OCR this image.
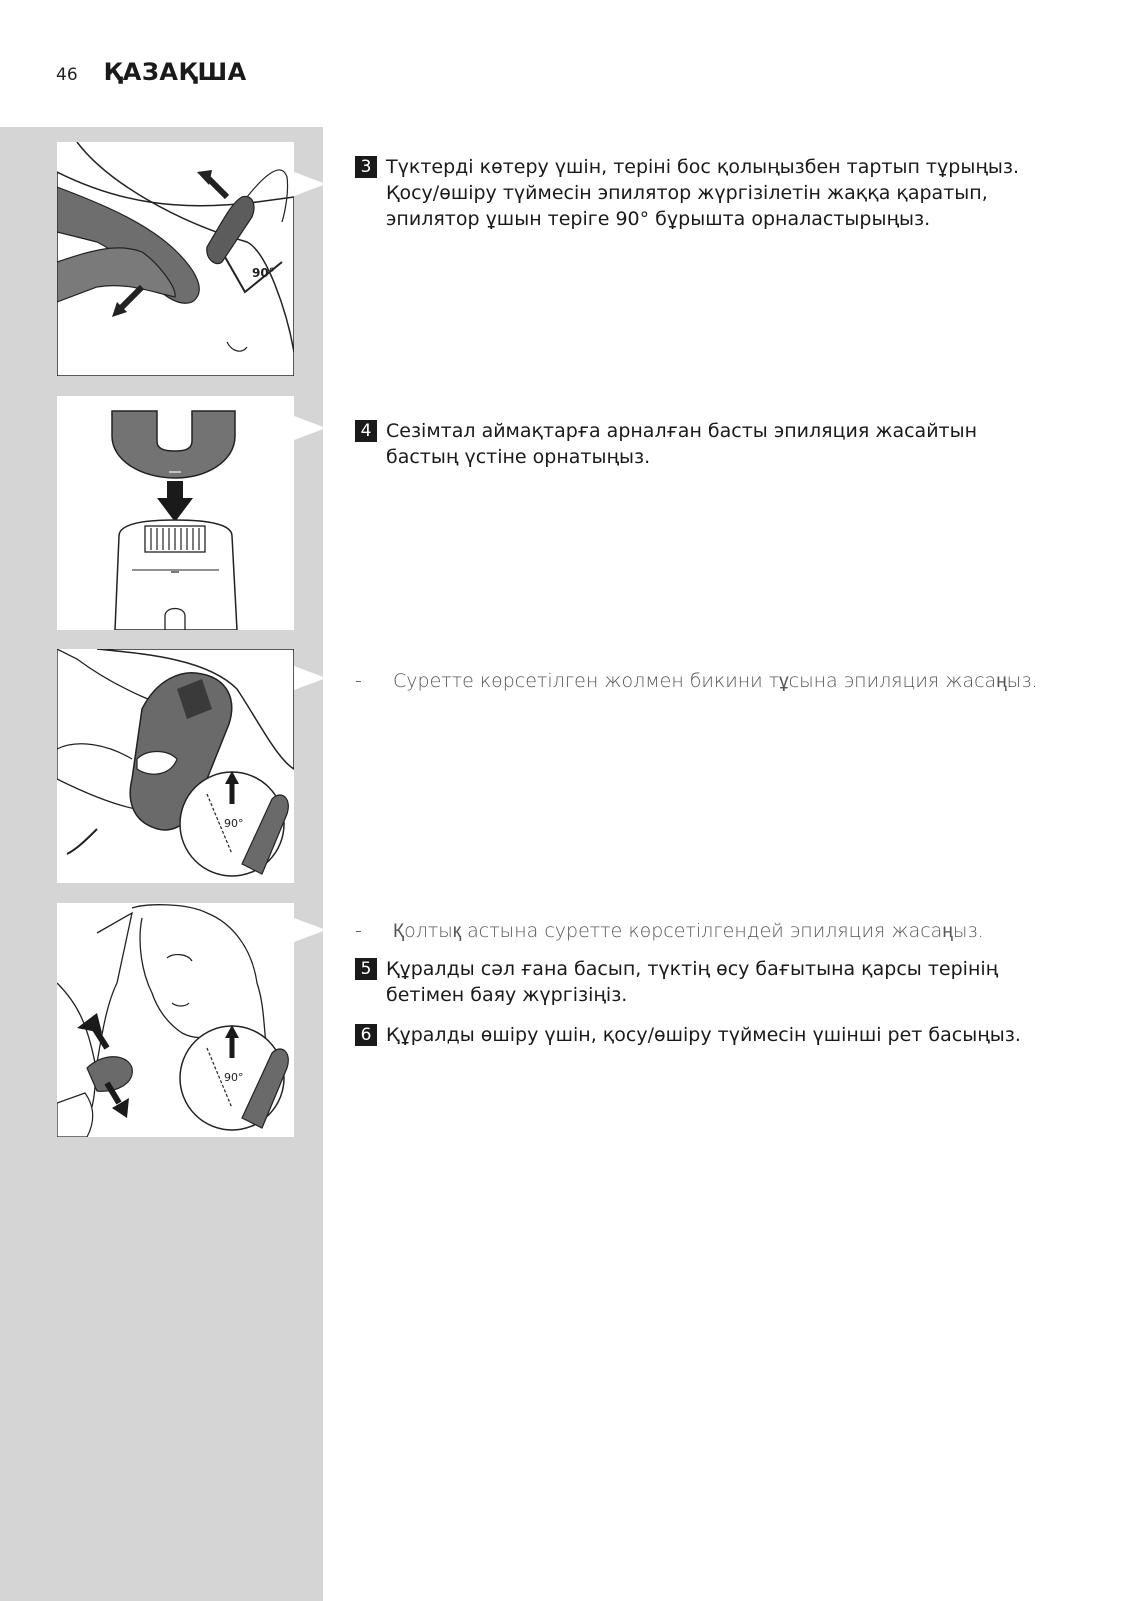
46 ҚАЗАҚША
90°
90°
90°
3 Түктерді көтеру үшін, теріні бос қолыңызбен тартып тұрыңыз. Қосу/өшіру түймесін эпилятор жүргізілетін жаққа қаратып, эпилятор ұшын теріге 90° бұрышта орналастырыңыз.
4 Сезімтал аймақтарға арналған басты эпиляция жасайтын бастың үстіне орнатыңыз.
-	Суретте көрсетілген жолмен бикини тұсына эпиляция жасаңыз.
-	Қолтық астына суретте көрсетілгендей эпиляция жасаңыз.
5 Құралды сәл ғана басып, түктің өсу бағытына қарсы терінің бетімен баяу жүргізіңіз.
6 Құралды өшіру үшін, қосу/өшіру түймесін үшінші рет басыңыз.
